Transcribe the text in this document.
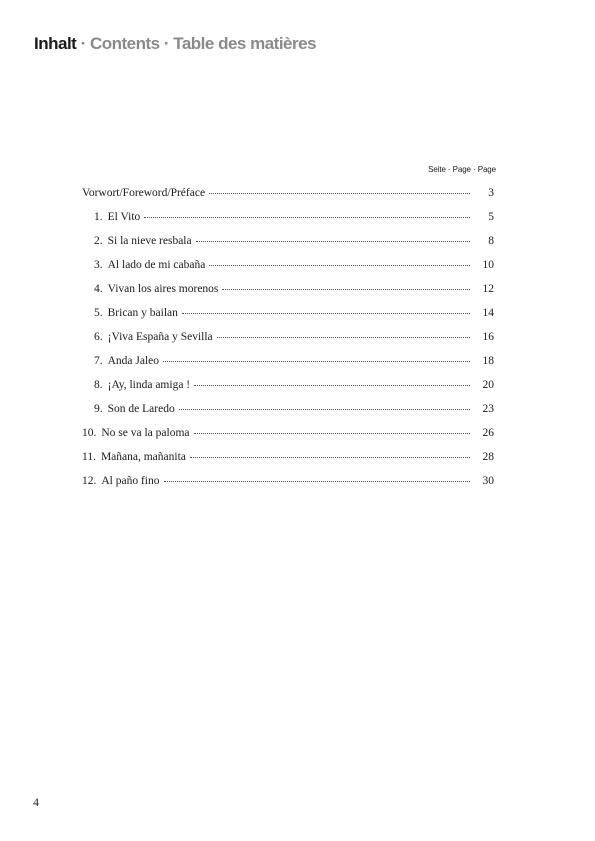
Inhalt · Contents · Table des matières
Seite · Page · Page
Vorwort/Foreword/Préface	3
1. El Vito	5
2. Si la nieve resbala	8
3. Al lado de mi cabaña	10
4. Vivan los aires morenos	12
5. Brican y bailan	14
6. ¡Viva España y Sevilla	16
7. Anda Jaleo	18
8. ¡Ay, linda amiga !	20
9. Son de Laredo	23
10. No se va la paloma	26
11. Mañana, mañanita	28
12. Al paño fino	30
4
